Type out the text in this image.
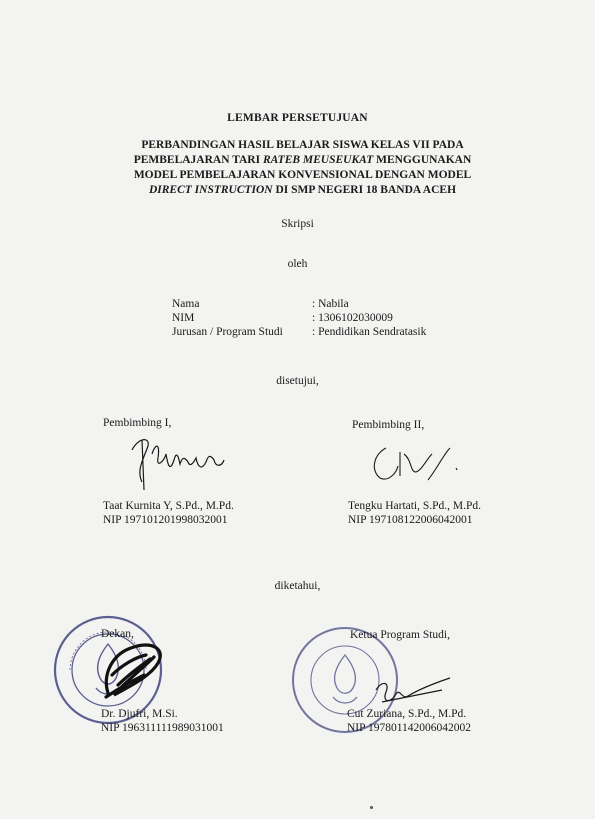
LEMBAR PERSETUJUAN
PERBANDINGAN HASIL BELAJAR SISWA KELAS VII PADA
PEMBELAJARAN TARI RATEB MEUSEUKAT MENGGUNAKAN
MODEL PEMBELAJARAN KONVENSIONAL DENGAN MODEL
DIRECT INSTRUCTION DI SMP NEGERI 18 BANDA ACEH
Skripsi
oleh
Nama	: Nabila
NIM	: 1306102030009
Jurusan / Program Studi	: Pendidikan Sendratasik
disetujui,
Pembimbing I,
Taat Kurnita Y, S.Pd., M.Pd.
NIP 197101201998032001
Pembimbing II,
Tengku Hartati, S.Pd., M.Pd.
NIP 197108122006042001
diketahui,
Dekan,
Dr. Djufri, M.Si.
NIP 196311111989031001
Ketua Program Studi,
Cut Zuriana, S.Pd., M.Pd.
NIP 197801142006042002
